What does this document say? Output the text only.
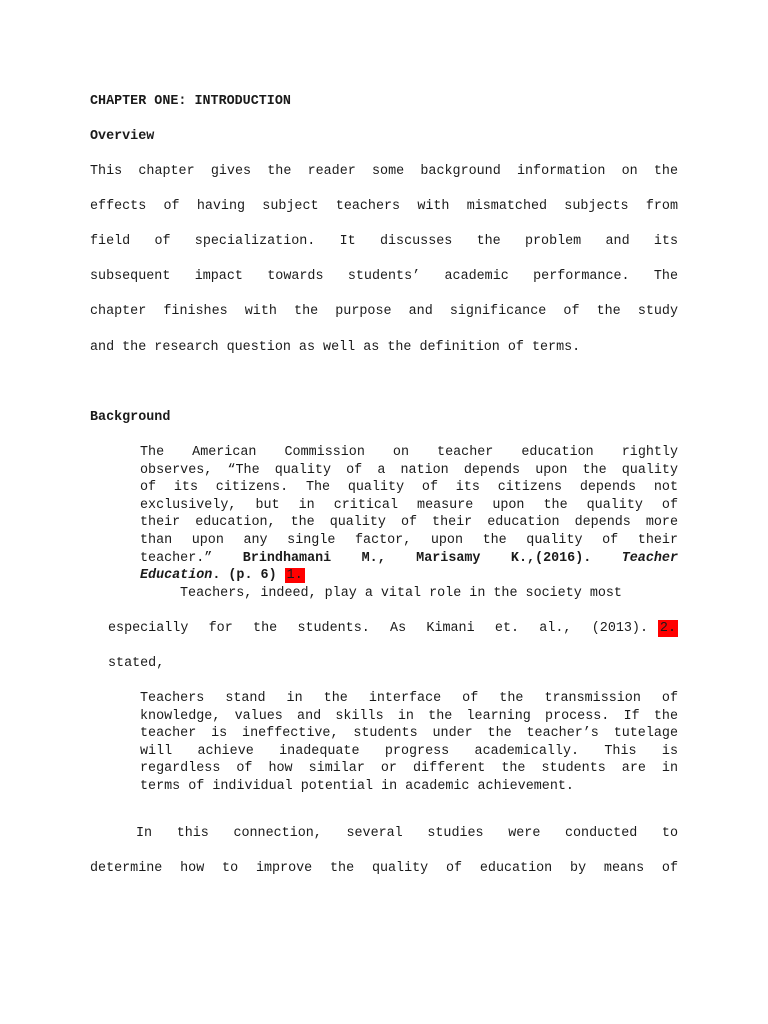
CHAPTER ONE: INTRODUCTION
Overview
This chapter gives the reader some background information on the
effects of having subject teachers with mismatched subjects from
field of specialization. It discusses the problem and its
subsequent impact towards students’ academic performance. The
chapter finishes with the purpose and significance of the study
and the research question as well as the definition of terms.
Background
The American Commission on teacher education rightly
observes, “The quality of a nation depends upon the quality
of its citizens. The quality of its citizens depends not
exclusively, but in critical measure upon the quality of
their education, the quality of their education depends more
than upon any single factor, upon the quality of their
teacher.” Brindhamani M., Marisamy K.,(2016). Teacher
Education. (p. 6) 1.
Teachers, indeed, play a vital role in the society most
especially for the students. As Kimani et. al., (2013). 2.
stated,
Teachers stand in the interface of the transmission of
knowledge, values and skills in the learning process. If the
teacher is ineffective, students under the teacher’s tutelage
will achieve inadequate progress academically. This is
regardless of how similar or different the students are in
terms of individual potential in academic achievement.
In this connection, several studies were conducted to
determine how to improve the quality of education by means of
